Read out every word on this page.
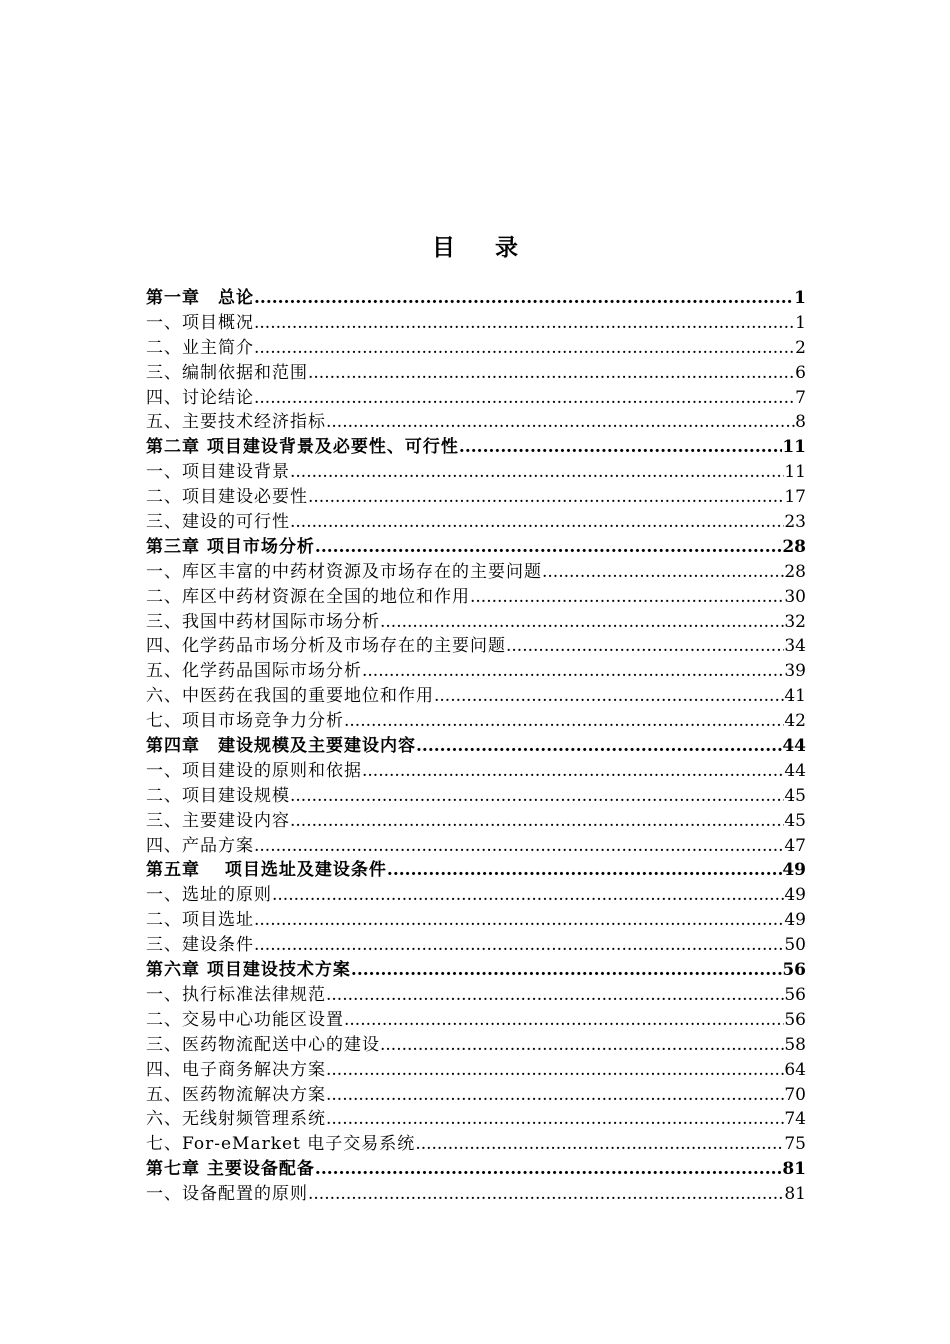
目 录
第一章　总论 .....	1
一、项目概况 .....	1
二、业主简介 .....	2
三、编制依据和范围 .....	6
四、讨论结论 .....	7
五、主要技术经济指标 .....	8
第二章 项目建设背景及必要性、可行性 .....	11
一、项目建设背景 .....	11
二、项目建设必要性 .....	17
三、建设的可行性 .....	23
第三章 项目市场分析 .....	28
一、库区丰富的中药材资源及市场存在的主要问题 .....	28
二、库区中药材资源在全国的地位和作用 .....	30
三、我国中药材国际市场分析 .....	32
四、化学药品市场分析及市场存在的主要问题 .....	34
五、化学药品国际市场分析 .....	39
六、中医药在我国的重要地位和作用 .....	41
七、项目市场竞争力分析 .....	42
第四章　建设规模及主要建设内容 .....	44
一、项目建设的原则和依据 .....	44
二、项目建设规模 .....	45
三、主要建设内容 .....	45
四、产品方案 .....	47
第五章　 项目选址及建设条件 .....	49
一、选址的原则 .....	49
二、项目选址 .....	49
三、建设条件 .....	50
第六章 项目建设技术方案 .....	56
一、执行标准法律规范 .....	56
二、交易中心功能区设置 .....	56
三、医药物流配送中心的建设 .....	58
四、电子商务解决方案 .....	64
五、医药物流解决方案 .....	70
六、无线射频管理系统 .....	74
七、For-eMarket 电子交易系统 .....	75
第七章 主要设备配备 .....	81
一、设备配置的原则 .....	81
